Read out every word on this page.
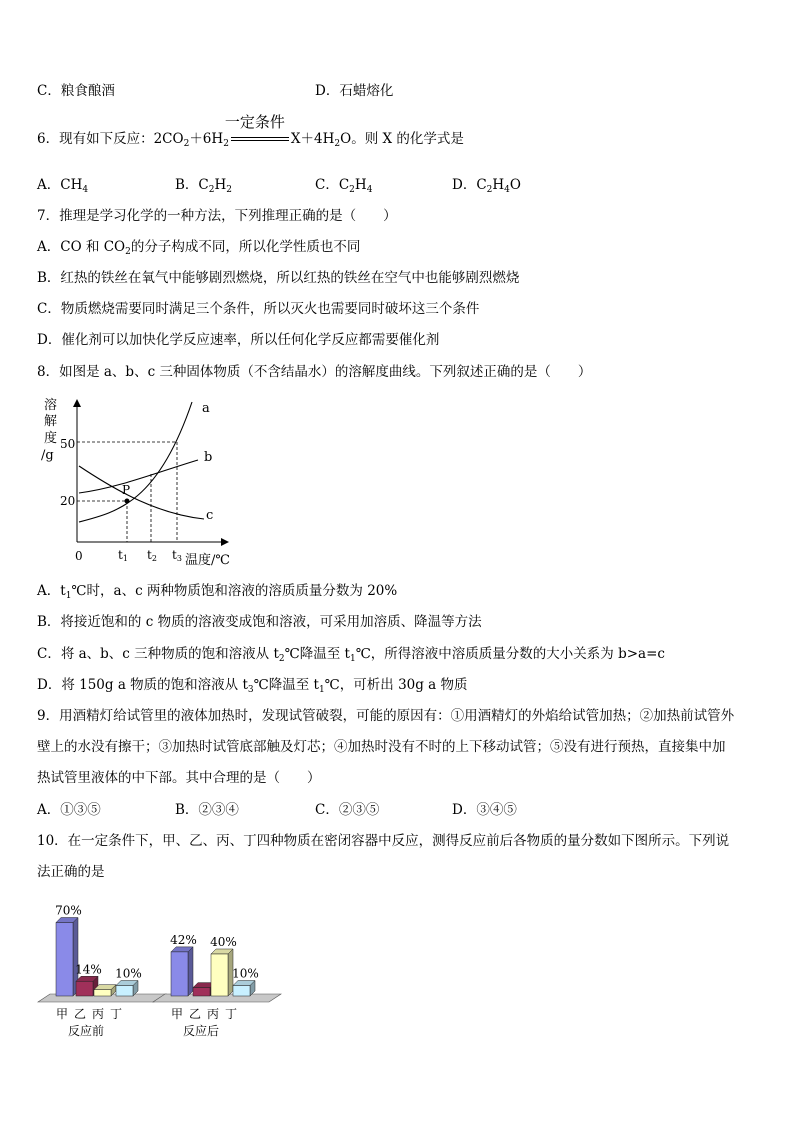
C．粮食酿酒	D．石蜡熔化
6．现有如下反应：$2CO_2+6H_2$
一定条件
$X+4H_2O$。则 X 的化学式是
A．$CH_4$	B．$C_2H_2$	C．$C_2H_4$	D．$C_2H_4O$
7．推理是学习化学的一种方法，下列推理正确的是（　　）
A．CO 和 $CO_2$的分子构成不同，所以化学性质也不同
B．红热的铁丝在氧气中能够剧烈燃烧，所以红热的铁丝在空气中也能够剧烈燃烧
C．物质燃烧需要同时满足三个条件，所以灭火也需要同时破坏这三个条件
D．催化剂可以加快化学反应速率，所以任何化学反应都需要催化剂
8．如图是 a、b、c 三种固体物质（不含结晶水）的溶解度曲线。下列叙述正确的是（　　）
溶
解
度
/g
50
20
0
P
a
b
c
t1 t2 t3 温度/℃
A．$t_1℃$时，a、c 两种物质饱和溶液的溶质质量分数为 20%
B．将接近饱和的 c 物质的溶液变成饱和溶液，可采用加溶质、降温等方法
C．将 a、b、c 三种物质的饱和溶液从 $t_2℃$降温至 $t_1℃$，所得溶液中溶质质量分数的大小关系为 b>a=c
D．将 150g a 物质的饱和溶液从 $t_3℃$降温至 $t_1℃$，可析出 30g a 物质
9．用酒精灯给试管里的液体加热时，发现试管破裂，可能的原因有：①用酒精灯的外焰给试管加热；②加热前试管外
壁上的水没有擦干；③加热时试管底部触及灯芯；④加热时没有不时的上下移动试管；⑤没有进行预热，直接集中加
热试管里液体的中下部。其中合理的是（　　）
A．①③⑤	B．②③④	C．②③⑤	D．③④⑤
10．在一定条件下，甲、乙、丙、丁四种物质在密闭容器中反应，测得反应前后各物质的量分数如下图所示。下列说
法正确的是
70%
甲
14%
乙 丙
10%
丁
反应前
42%
甲 乙
40%
丙
10%
丁
反应后
